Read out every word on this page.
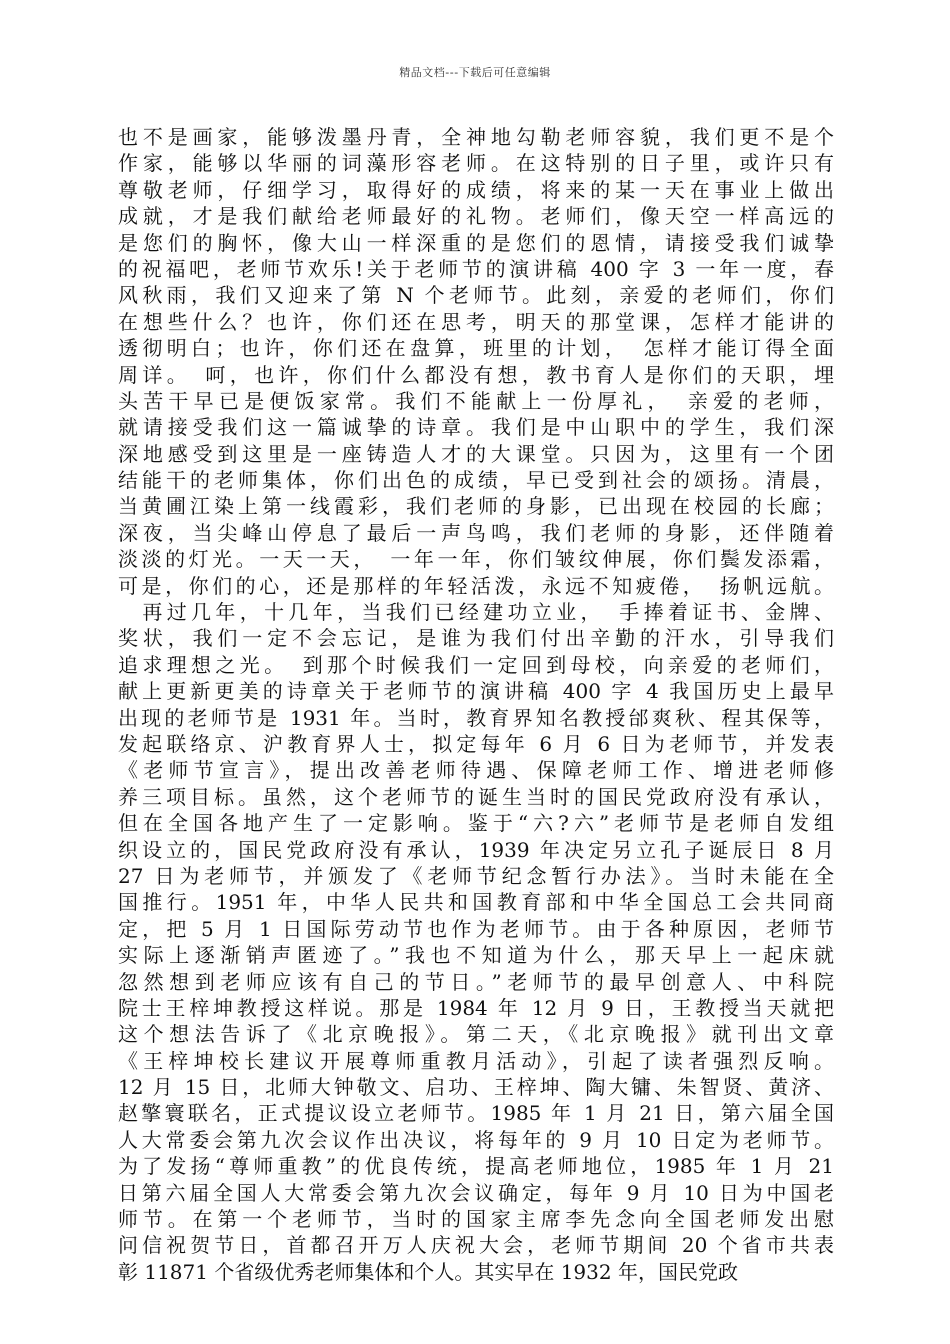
精品文档---下载后可任意编辑
也不是画家，能够泼墨丹青，全神地勾勒老师容貌，我们更不是个
作家，能够以华丽的词藻形容老师。在这特别的日子里，或许只有
尊敬老师，仔细学习，取得好的成绩，将来的某一天在事业上做出
成就，才是我们献给老师最好的礼物。老师们，像天空一样高远的
是您们的胸怀，像大山一样深重的是您们的恩情，请接受我们诚挚
的祝福吧，老师节欢乐!关于老师节的演讲稿 400 字 3 一年一度，春
风秋雨，我们又迎来了第 N 个老师节。此刻，亲爱的老师们，你们
在想些什么？也许，你们还在思考，明天的那堂课，怎样才能讲的
透彻明白；也许，你们还在盘算，班里的计划，　怎样才能订得全面
周详。　呵，也许，你们什么都没有想，教书育人是你们的天职，埋
头苦干早已是便饭家常。我们不能献上一份厚礼，　亲爱的老师，
就请接受我们这一篇诚挚的诗章。我们是中山职中的学生，我们深
深地感受到这里是一座铸造人才的大课堂。只因为，这里有一个团
结能干的老师集体，你们出色的成绩，早已受到社会的颂扬。清晨，
当黄圃江染上第一线霞彩，我们老师的身影，已出现在校园的长廊；
深夜，当尖峰山停息了最后一声鸟鸣，我们老师的身影，还伴随着
淡淡的灯光。一天一天，　一年一年，你们皱纹伸展，你们鬓发添霜，
可是，你们的心，还是那样的年轻活泼，永远不知疲倦，　扬帆远航。
　再过几年，十几年，当我们已经建功立业，　手捧着证书、金牌、
奖状，我们一定不会忘记，是谁为我们付出辛勤的汗水，引导我们
追求理想之光。　到那个时候我们一定回到母校，向亲爱的老师们，
献上更新更美的诗章关于老师节的演讲稿 400 字 4 我国历史上最早
出现的老师节是 1931 年。当时，教育界知名教授邰爽秋、程其保等，
发起联络京、沪教育界人士，拟定每年 6 月 6 日为老师节，并发表
《老师节宣言》，提出改善老师待遇、保障老师工作、增进老师修
养三项目标。虽然，这个老师节的诞生当时的国民党政府没有承认，
但在全国各地产生了一定影响。鉴于“六?六”老师节是老师自发组
织设立的，国民党政府没有承认，1939 年决定另立孔子诞辰日 8 月
27 日为老师节，并颁发了《老师节纪念暂行办法》。当时未能在全
国推行。1951 年，中华人民共和国教育部和中华全国总工会共同商
定，把 5 月 1 日国际劳动节也作为老师节。由于各种原因，老师节
实际上逐渐销声匿迹了。”我也不知道为什么，那天早上一起床就
忽然想到老师应该有自己的节日。”老师节的最早创意人、中科院
院士王梓坤教授这样说。那是 1984 年 12 月 9 日，王教授当天就把
这个想法告诉了《北京晚报》。第二天，《北京晚报》就刊出文章
《王梓坤校长建议开展尊师重教月活动》，引起了读者强烈反响。
12 月 15 日，北师大钟敬文、启功、王梓坤、陶大镛、朱智贤、黄济、
赵擎寰联名，正式提议设立老师节。1985 年 1 月 21 日，第六届全国
人大常委会第九次会议作出决议，将每年的 9 月 10 日定为老师节。
为了发扬“尊师重教”的优良传统，提高老师地位，1985 年 1 月 21
日第六届全国人大常委会第九次会议确定，每年 9 月 10 日为中国老
师节。在第一个老师节，当时的国家主席李先念向全国老师发出慰
问信祝贺节日，首都召开万人庆祝大会，老师节期间 20 个省市共表
彰 11871 个省级优秀老师集体和个人。其实早在 1932 年，国民党政
